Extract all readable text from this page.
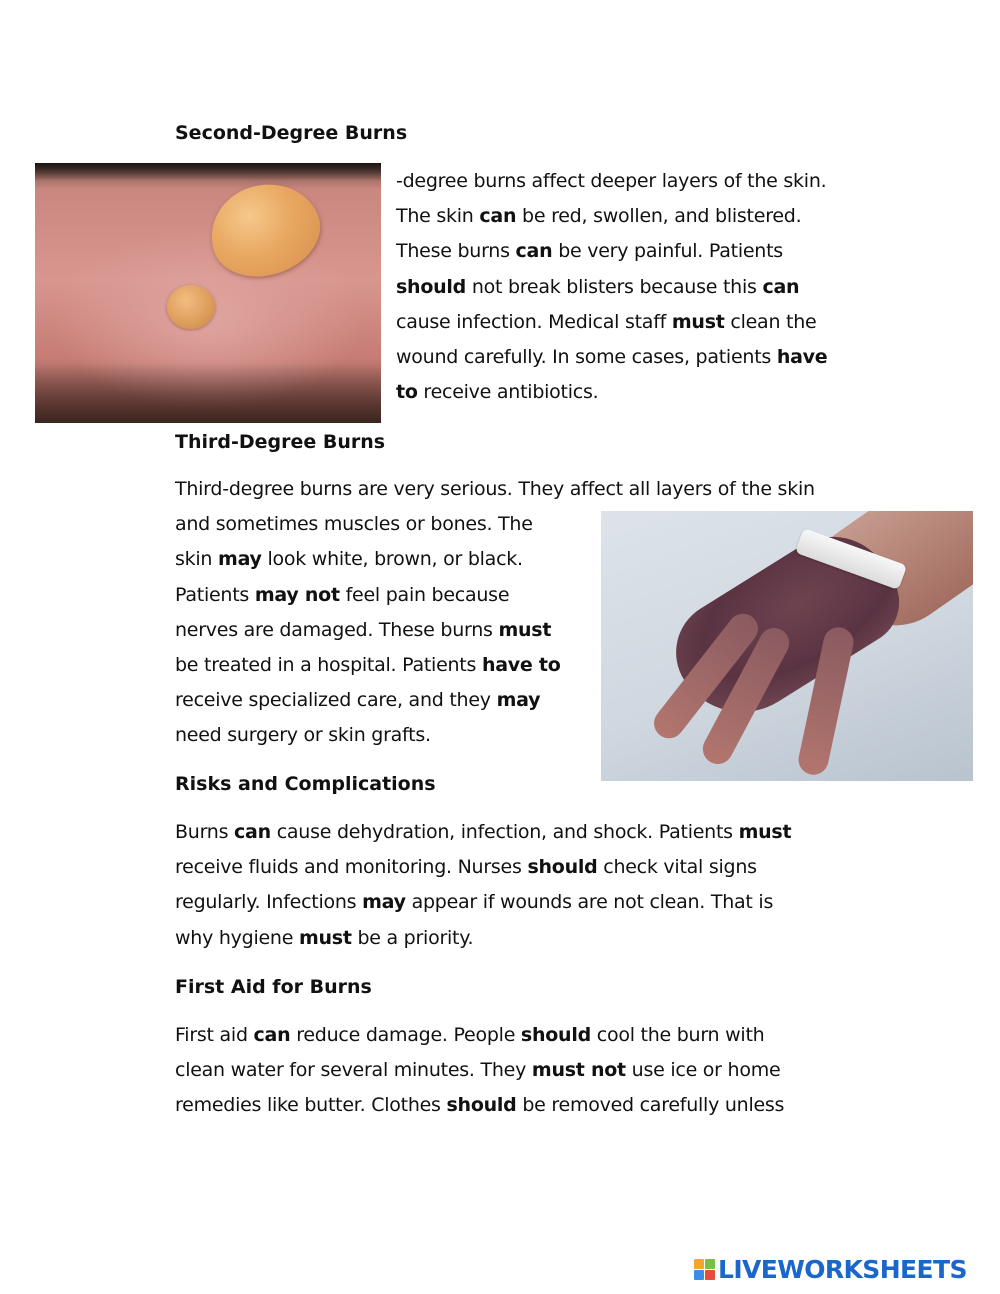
Second-Degree Burns
-degree burns affect deeper layers of the skin.
The skin can be red, swollen, and blistered.
These burns can be very painful. Patients
should not break blisters because this can
cause infection. Medical staff must clean the
wound carefully. In some cases, patients have
to receive antibiotics.
Third-Degree Burns
Third-degree burns are very serious. They affect all layers of the skin
and sometimes muscles or bones. The
skin may look white, brown, or black.
Patients may not feel pain because
nerves are damaged. These burns must
be treated in a hospital. Patients have to
receive specialized care, and they may
need surgery or skin grafts.
Risks and Complications
Burns can cause dehydration, infection, and shock. Patients must
receive fluids and monitoring. Nurses should check vital signs
regularly. Infections may appear if wounds are not clean. That is
why hygiene must be a priority.
First Aid for Burns
First aid can reduce damage. People should cool the burn with
clean water for several minutes. They must not use ice or home
remedies like butter. Clothes should be removed carefully unless
LIVEWORKSHEETS
